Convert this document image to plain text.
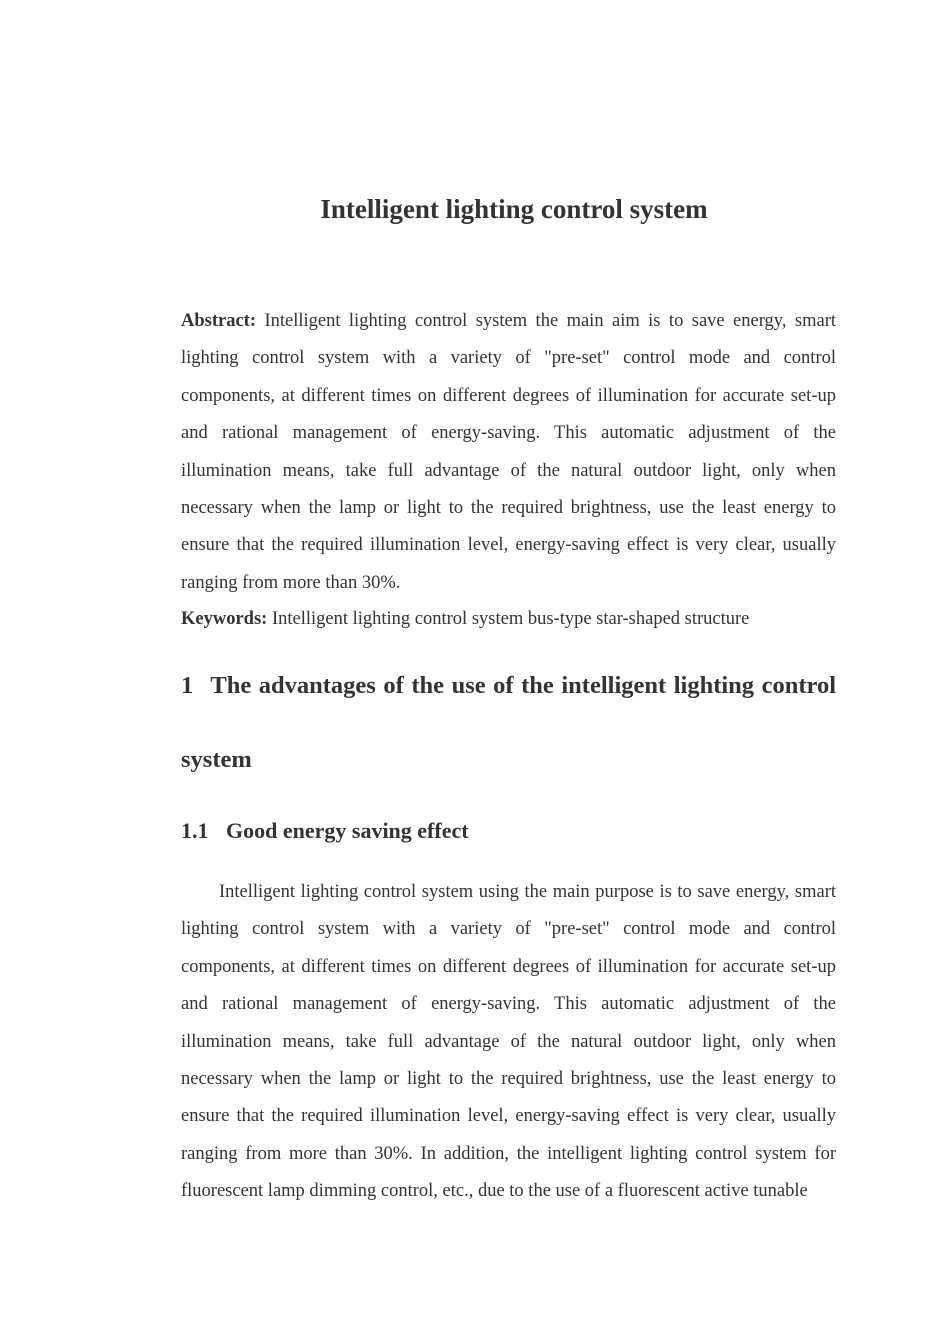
Intelligent lighting control system

Abstract: Intelligent lighting control system the main aim is to save energy, smart lighting control system with a variety of "pre-set" control mode and control components, at different times on different degrees of illumination for accurate set-up and rational management of energy-saving. This automatic adjustment of the illumination means, take full advantage of the natural outdoor light, only when necessary when the lamp or light to the required brightness, use the least energy to ensure that the required illumination level, energy-saving effect is very clear, usually ranging from more than 30%.

Keywords: Intelligent lighting control system bus-type star-shaped structure

1 The advantages of the use of the intelligent lighting control system
1.1 Good energy saving effect

Intelligent lighting control system using the main purpose is to save energy, smart lighting control system with a variety of "pre-set" control mode and control components, at different times on different degrees of illumination for accurate set-up and rational management of energy-saving. This automatic adjustment of the illumination means, take full advantage of the natural outdoor light, only when necessary when the lamp or light to the required brightness, use the least energy to ensure that the required illumination level, energy-saving effect is very clear, usually ranging from more than 30%. In addition, the intelligent lighting control system for fluorescent lamp dimming control, etc., due to the use of a fluorescent active tunable
